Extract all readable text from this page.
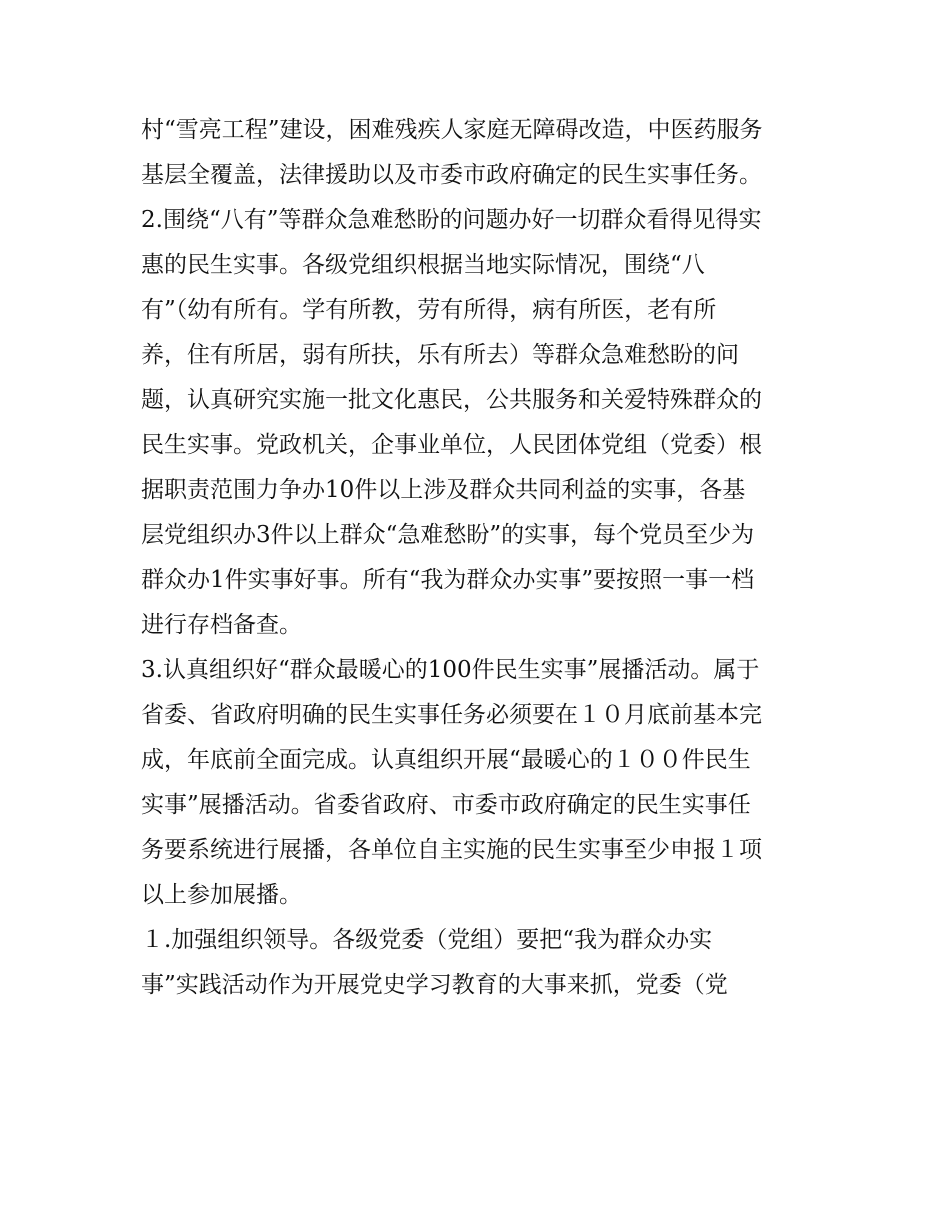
村“雪亮工程”建设，困难残疾人家庭无障碍改造，中医药服务
基层全覆盖，法律援助以及市委市政府确定的民生实事任务。
2.围绕“八有”等群众急难愁盼的问题办好一切群众看得见得实
惠的民生实事。各级党组织根据当地实际情况，围绕“八
有”（幼有所有。学有所教，劳有所得，病有所医，老有所
养，住有所居，弱有所扶，乐有所去）等群众急难愁盼的问
题，认真研究实施一批文化惠民，公共服务和关爱特殊群众的
民生实事。党政机关，企事业单位，人民团体党组（党委）根
据职责范围力争办10件以上涉及群众共同利益的实事，各基
层党组织办3件以上群众“急难愁盼”的实事，每个党员至少为
群众办1件实事好事。所有“我为群众办实事”要按照一事一档
进行存档备查。
3.认真组织好“群众最暖心的100件民生实事”展播活动。属于
省委、省政府明确的民生实事任务必须要在１０月底前基本完
成，年底前全面完成。认真组织开展“最暖心的１００件民生
实事”展播活动。省委省政府、市委市政府确定的民生实事任
务要系统进行展播，各单位自主实施的民生实事至少申报１项
以上参加展播。
１.加强组织领导。各级党委（党组）要把“我为群众办实
事”实践活动作为开展党史学习教育的大事来抓，党委（党
